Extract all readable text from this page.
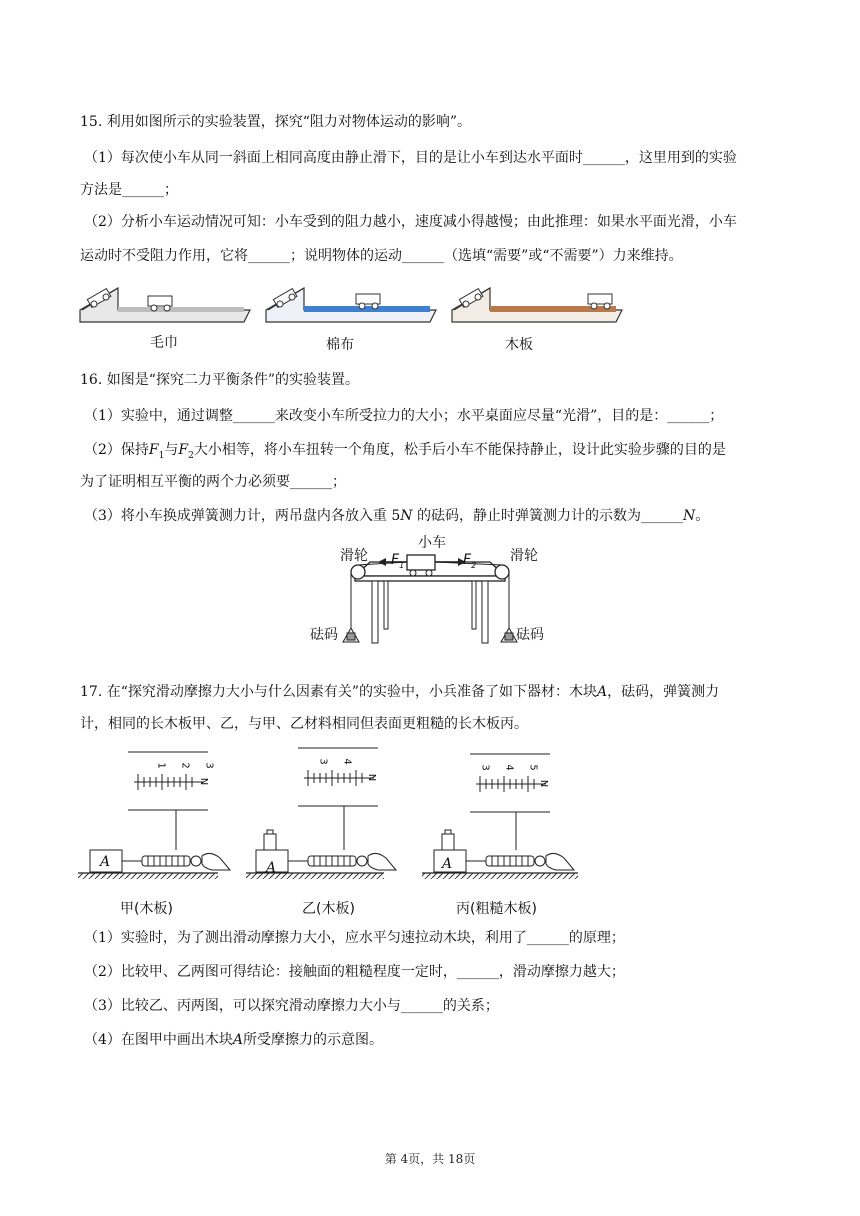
15. 利用如图所示的实验装置，探究“阻力对物体运动的影响”。
（1）每次使小车从同一斜面上相同高度由静止滑下，目的是让小车到达水平面时______，这里用到的实验
方法是______；
（2）分析小车运动情况可知：小车受到的阻力越小，速度减小得越慢；由此推理：如果水平面光滑，小车
运动时不受阻力作用，它将______；说明物体的运动______（选填“需要”或“不需要”）力来维持。
毛巾	棉布	木板
16. 如图是“探究二力平衡条件”的实验装置。
（1）实验中，通过调整______来改变小车所受拉力的大小；水平桌面应尽量“光滑”，目的是：______；
（2）保持$F_1$与$F_2$大小相等，将小车扭转一个角度，松手后小车不能保持静止，设计此实验步骤的目的是
为了证明相互平衡的两个力必须要______；
（3）将小车换成弹簧测力计，两吊盘内各放入重 5N 的砝码，静止时弹簧测力计的示数为______N。
小车
滑轮	滑轮
砝码	砝码
$F_1$	$F_2$
17. 在“探究滑动摩擦力大小与什么因素有关”的实验中，小兵准备了如下器材：木块A，砝码，弹簧测力
计，相同的长木板甲、乙，与甲、乙材料相同但表面更粗糙的长木板丙。
1 2 3
N
3 4
N
3 4 5
N
A	A	A
甲(木板)	乙(木板)	丙(粗糙木板)
（1）实验时，为了测出滑动摩擦力大小，应水平匀速拉动木块，利用了______的原理；
（2）比较甲、乙两图可得结论：接触面的粗糙程度一定时，______，滑动摩擦力越大；
（3）比较乙、丙两图，可以探究滑动摩擦力大小与______的关系；
（4）在图甲中画出木块A所受摩擦力的示意图。
第 4页，共 18页
